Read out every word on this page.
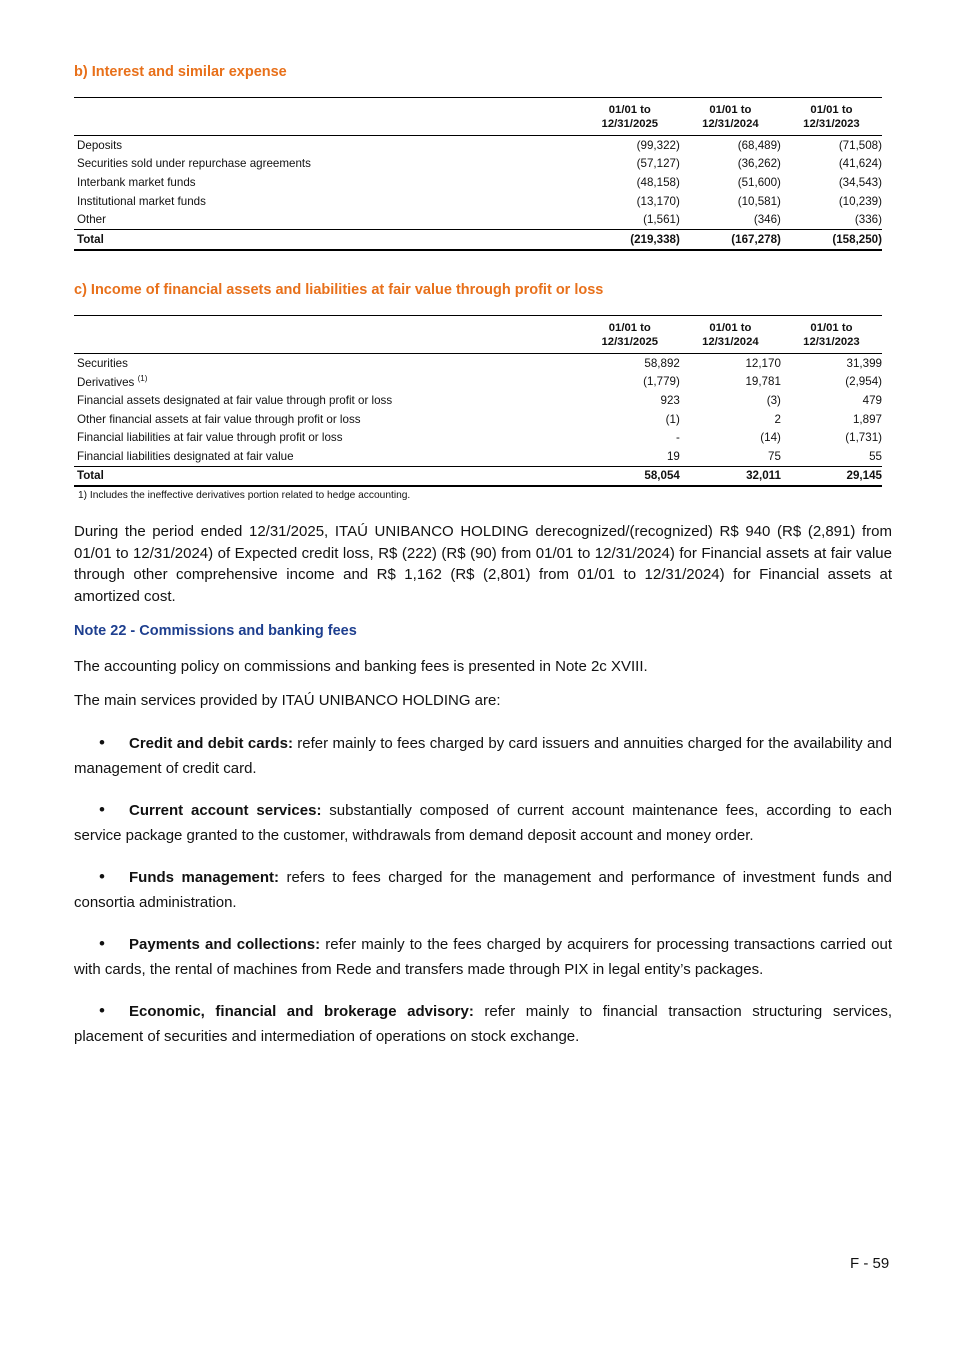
b) Interest and similar expense
	01/01 to 12/31/2025	01/01 to 12/31/2024	01/01 to 12/31/2023
Deposits	(99,322)	(68,489)	(71,508)
Securities sold under repurchase agreements	(57,127)	(36,262)	(41,624)
Interbank market funds	(48,158)	(51,600)	(34,543)
Institutional market funds	(13,170)	(10,581)	(10,239)
Other	(1,561)	(346)	(336)
Total	(219,338)	(167,278)	(158,250)
c) Income of financial assets and liabilities at fair value through profit or loss
	01/01 to 12/31/2025	01/01 to 12/31/2024	01/01 to 12/31/2023
Securities	58,892	12,170	31,399
Derivatives $^{(1)}$	(1,779)	19,781	(2,954)
Financial assets designated at fair value through profit or loss	923	(3)	479
Other financial assets at fair value through profit or loss	(1)	2	1,897
Financial liabilities at fair value through profit or loss	-	(14)	(1,731)
Financial liabilities designated at fair value	19	75	55
Total	58,054	32,011	29,145
1) Includes the ineffective derivatives portion related to hedge accounting.

During the period ended 12/31/2025, ITAÚ UNIBANCO HOLDING derecognized/(recognized) R$ 940 (R$ (2,891) from 01/01 to 12/31/2024) of Expected credit loss, R$ (222) (R$ (90) from 01/01 to 12/31/2024) for Financial assets at fair value through other comprehensive income and R$ 1,162 (R$ (2,801) from 01/01 to 12/31/2024) for Financial assets at amortized cost.

Note 22 - Commissions and banking fees

The accounting policy on commissions and banking fees is presented in Note 2c XVIII.

The main services provided by ITAÚ UNIBANCO HOLDING are:

• Credit and debit cards: refer mainly to fees charged by card issuers and annuities charged for the availability and management of credit card.

• Current account services: substantially composed of current account maintenance fees, according to each service package granted to the customer, withdrawals from demand deposit account and money order.

• Funds management: refers to fees charged for the management and performance of investment funds and consortia administration.

• Payments and collections: refer mainly to the fees charged by acquirers for processing transactions carried out with cards, the rental of machines from Rede and transfers made through PIX in legal entity’s packages.

• Economic, financial and brokerage advisory: refer mainly to financial transaction structuring services, placement of securities and intermediation of operations on stock exchange.

F - 59
